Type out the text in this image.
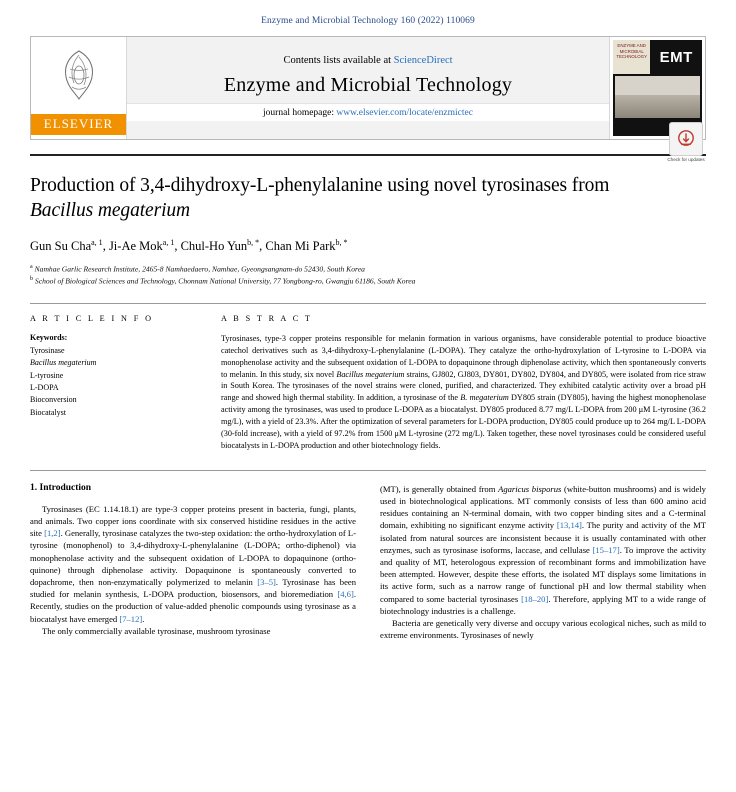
Enzyme and Microbial Technology 160 (2022) 110069
ELSEVIER
Contents lists available at ScienceDirect
Enzyme and Microbial Technology
journal homepage: www.elsevier.com/locate/enzmictec
ENZYME AND MICROBIAL TECHNOLOGY EMT
Check for updates
Production of 3,4-dihydroxy-L-phenylalanine using novel tyrosinases from
Bacillus megaterium
Gun Su Cha$^{a, 1}$, Ji-Ae Mok$^{a, 1}$, Chul-Ho Yun$^{b, *}$, Chan Mi Park$^{b, *}$

$^a$ Namhae Garlic Research Institute, 2465-8 Namhaedaero, Namhae, Gyeongsangnam-do 52430, South Korea

$^b$ School of Biological Sciences and Technology, Chonnam National University, 77 Yongbong-ro, Gwangju 61186, South Korea

A R T I C L E I N F O
Keywords:

Tyrosinase
Bacillus megaterium
L-tyrosine
L-DOPA
Bioconversion
Biocatalyst

A B S T R A C T

Tyrosinases, type-3 copper proteins responsible for melanin formation in various organisms, have considerable potential to produce bioactive catechol derivatives such as 3,4-dihydroxy-L-phenylalanine (L-DOPA). They catalyze the ortho-hydroxylation of L-tyrosine to L-DOPA via monophenolase activity and the subsequent oxidation of L-DOPA to dopaquinone through diphenolase activity, which then spontaneously converts to melanin. In this study, six novel Bacillus megaterium strains, GJ802, GJ803, DY801, DY802, DY804, and DY805, were isolated from rice straw in South Korea. The tyrosinases of the novel strains were cloned, purified, and characterized. They exhibited catalytic activity over a broad pH range and showed high thermal stability. In addition, a tyrosinase of the B. megaterium DY805 strain (DY805), having the highest monophenolase activity among the tyrosinases, was used to produce L-DOPA as a biocatalyst. DY805 produced 8.77 mg/L L-DOPA from 200 μM L-tyrosine (36.2 mg/L), with a yield of 23.3%. After the optimization of several parameters for L-DOPA production, DY805 could produce up to 264 mg/L L-DOPA (30-fold increase), with a yield of 97.2% from 1500 μM L-tyrosine (272 mg/L). Taken together, these novel tyrosinases could be considered useful biocatalysts in L-DOPA production and other biotechnology fields.

1. Introduction

Tyrosinases (EC 1.14.18.1) are type-3 copper proteins present in bacteria, fungi, plants, and animals. Two copper ions coordinate with six conserved histidine residues in the active site [1,2]. Generally, tyrosinase catalyzes the two-step oxidation: the ortho-hydroxylation of L-tyrosine (monophenol) to 3,4-dihydroxy-L-phenylalanine (L-DOPA; ortho-diphenol) via monophenolase activity and the subsequent oxidation of L-DOPA to dopaquinone (ortho-quinone) through diphenolase activity. Dopaquinone is spontaneously converted to dopachrome, then non-enzymatically polymerized to melanin [3–5]. Tyrosinase has been studied for melanin synthesis, L-DOPA production, biosensors, and bioremediation [4,6]. Recently, studies on the production of value-added phenolic compounds using tyrosinase as a biocatalyst have emerged [7–12].

The only commercially available tyrosinase, mushroom tyrosinase

(MT), is generally obtained from Agaricus bisporus (white-button mushrooms) and is widely used in biotechnological applications. MT commonly consists of less than 600 amino acid residues containing an N-terminal domain, with two copper binding sites and a C-terminal domain, exhibiting no significant enzyme activity [13,14]. The purity and activity of the MT isolated from natural sources are inconsistent because it is usually contaminated with other enzymes, such as tyrosinase isoforms, laccase, and cellulase [15–17]. To improve the activity and quality of MT, heterologous expression of recombinant forms and immobilization have been attempted. However, despite these efforts, the isolated MT displays some limitations in its active form, such as a narrow range of functional pH and low thermal stability when compared to some bacterial tyrosinases [18–20]. Therefore, applying MT to a wide range of biotechnology industries is a challenge.

Bacteria are genetically very diverse and occupy various ecological niches, such as mild to extreme environments. Tyrosinases of newly
